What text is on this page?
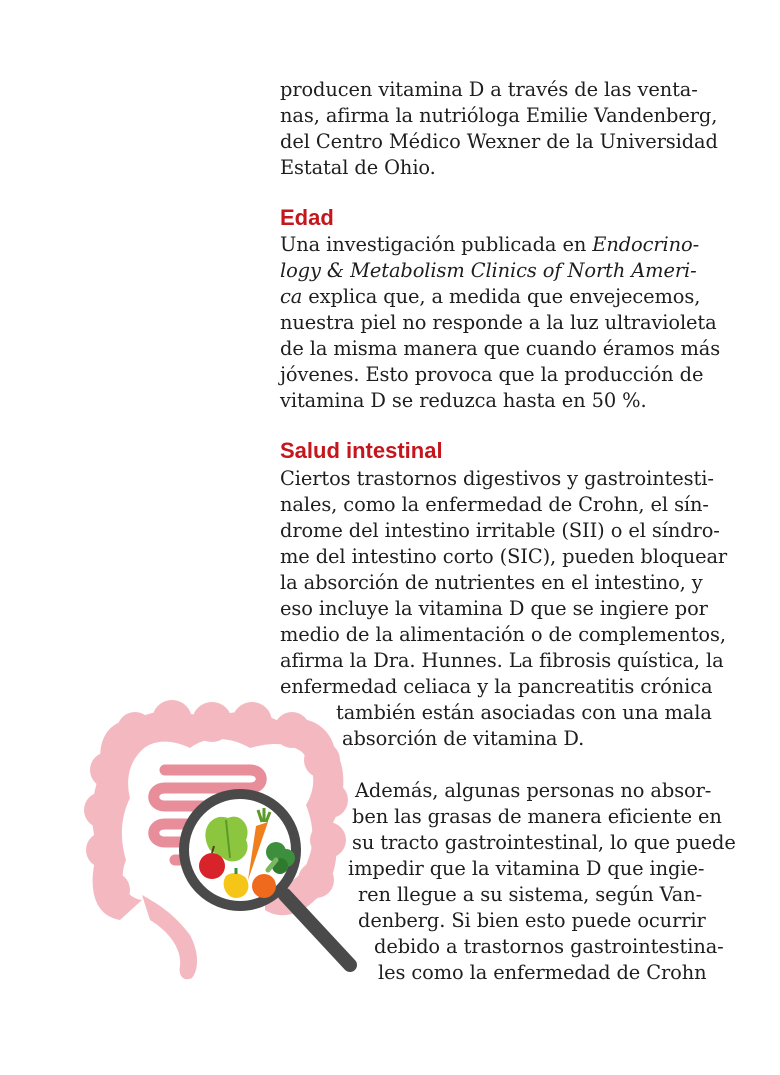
producen vitamina D a través de las venta-
nas, afirma la nutrióloga Emilie Vandenberg,
del Centro Médico Wexner de la Universidad
Estatal de Ohio.
Edad
Una investigación publicada en Endocrino-
logy & Metabolism Clinics of North Ameri-
ca explica que, a medida que envejecemos,
nuestra piel no responde a la luz ultravioleta
de la misma manera que cuando éramos más
jóvenes. Esto provoca que la producción de
vitamina D se reduzca hasta en 50 %.
Salud intestinal
Ciertos trastornos digestivos y gastrointesti-
nales, como la enfermedad de Crohn, el sín-
drome del intestino irritable (SII) o el síndro-
me del intestino corto (SIC), pueden bloquear
la absorción de nutrientes en el intestino, y
eso incluye la vitamina D que se ingiere por
medio de la alimentación o de complementos,
afirma la Dra. Hunnes. La fibrosis quística, la
enfermedad celiaca y la pancreatitis crónica
también están asociadas con una mala
absorción de vitamina D.
Además, algunas personas no absor-
ben las grasas de manera eficiente en
su tracto gastrointestinal, lo que puede
impedir que la vitamina D que ingie-
ren llegue a su sistema, según Van-
denberg. Si bien esto puede ocurrir
debido a trastornos gastrointestina-
les como la enfermedad de Crohn
